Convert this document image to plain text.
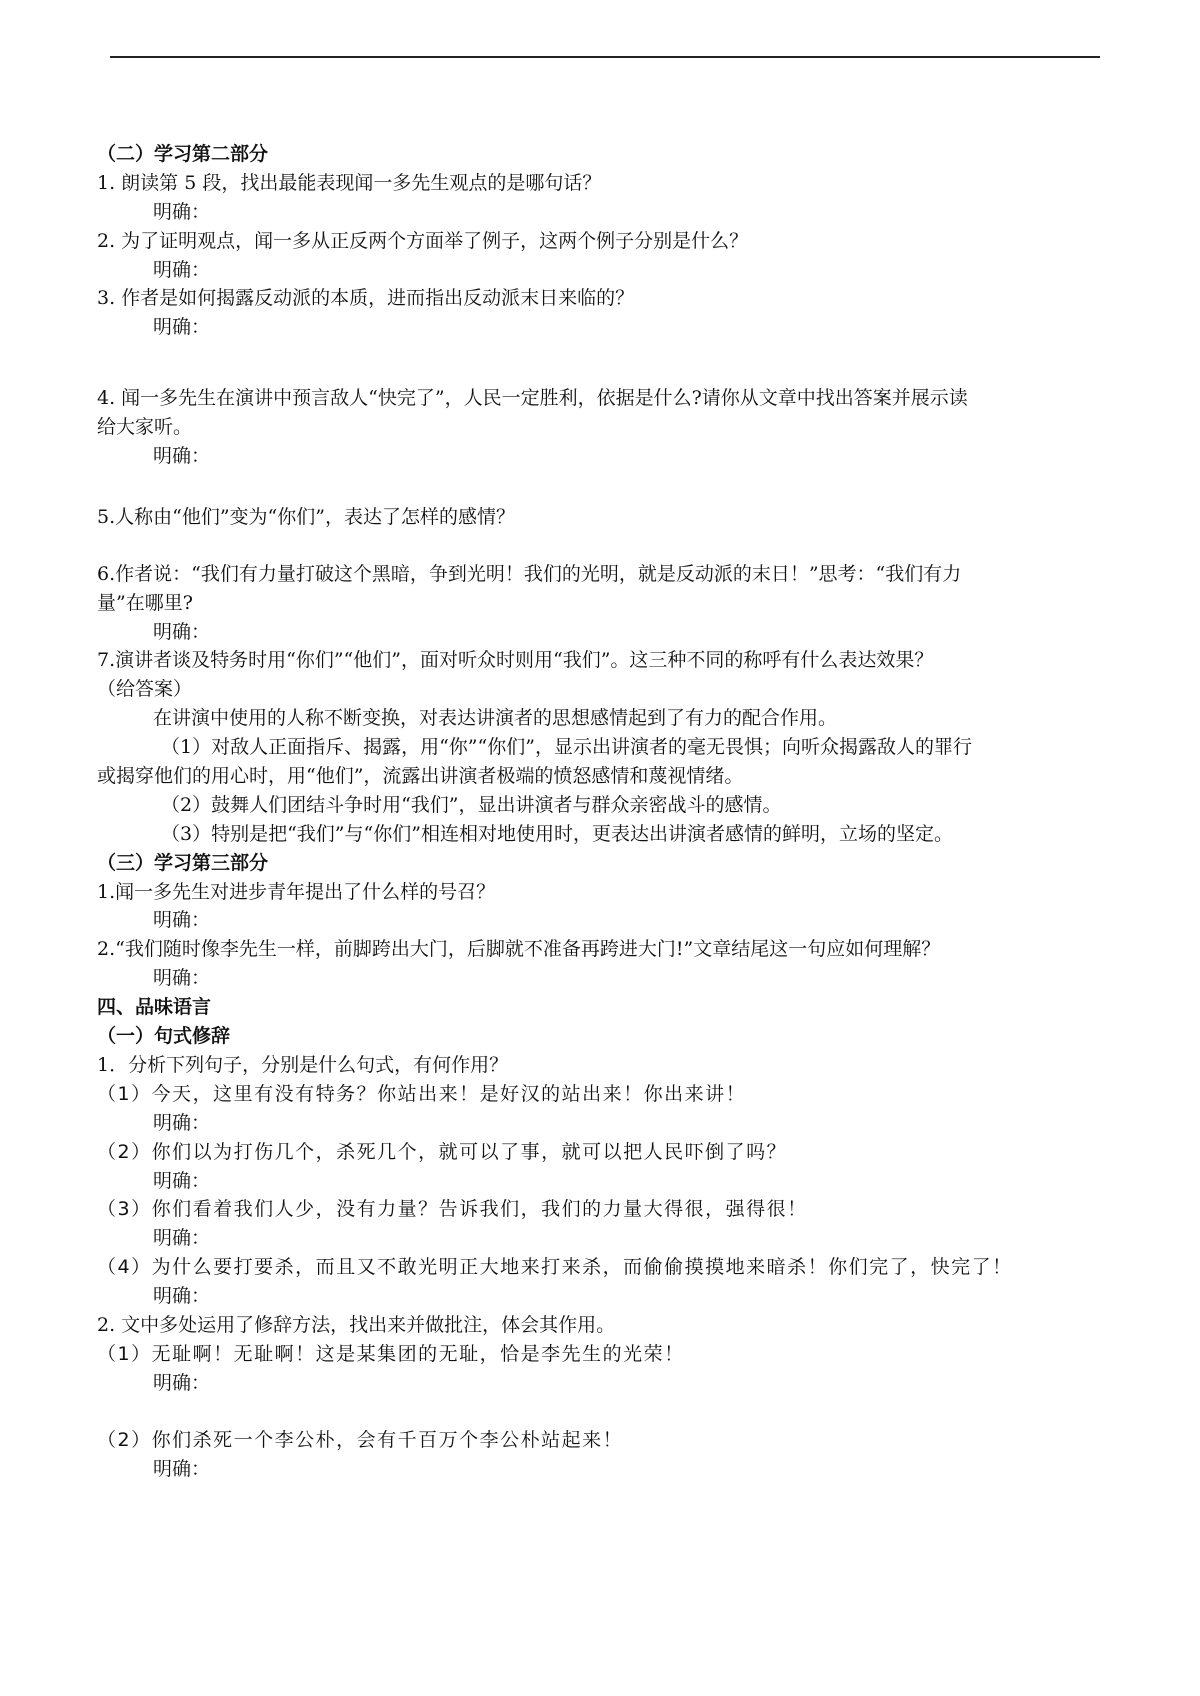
（二）学习第二部分
1. 朗读第 5 段，找出最能表现闻一多先生观点的是哪句话？
明确：
2. 为了证明观点，闻一多从正反两个方面举了例子，这两个例子分别是什么？
明确：
3. 作者是如何揭露反动派的本质，进而指出反动派末日来临的？
明确：
4. 闻一多先生在演讲中预言敌人“快完了”，人民一定胜利，依据是什么?请你从文章中找出答案并展示读
给大家听。
明确：
5.人称由“他们”变为“你们”，表达了怎样的感情？
6.作者说：“我们有力量打破这个黑暗，争到光明！我们的光明，就是反动派的末日！”思考：“我们有力
量”在哪里?
明确：
7.演讲者谈及特务时用“你们”“他们”，面对听众时则用“我们”。这三种不同的称呼有什么表达效果？
（给答案）
在讲演中使用的人称不断变换，对表达讲演者的思想感情起到了有力的配合作用。
（1）对敌人正面指斥、揭露，用“你”“你们”，显示出讲演者的毫无畏惧；向听众揭露敌人的罪行
或揭穿他们的用心时，用“他们”，流露出讲演者极端的愤怒感情和蔑视情绪。
（2）鼓舞人们团结斗争时用“我们”，显出讲演者与群众亲密战斗的感情。
（3）特别是把“我们”与“你们”相连相对地使用时，更表达出讲演者感情的鲜明，立场的坚定。
（三）学习第三部分
1.闻一多先生对进步青年提出了什么样的号召？
明确：
2.“我们随时像李先生一样，前脚跨出大门，后脚就不准备再跨进大门!”文章结尾这一句应如何理解？
明确：
四、品味语言
（一）句式修辞
1．分析下列句子，分别是什么句式，有何作用？
（1）今天，这里有没有特务？你站出来！是好汉的站出来！你出来讲！
明确：
（2）你们以为打伤几个，杀死几个，就可以了事，就可以把人民吓倒了吗？
明确：
（3）你们看着我们人少，没有力量？告诉我们，我们的力量大得很，强得很！
明确：
（4）为什么要打要杀，而且又不敢光明正大地来打来杀，而偷偷摸摸地来暗杀！你们完了，快完了！
明确：
2. 文中多处运用了修辞方法，找出来并做批注，体会其作用。
（1）无耻啊！无耻啊！这是某集团的无耻，恰是李先生的光荣！
明确：
（2）你们杀死一个李公朴，会有千百万个李公朴站起来！
明确：
